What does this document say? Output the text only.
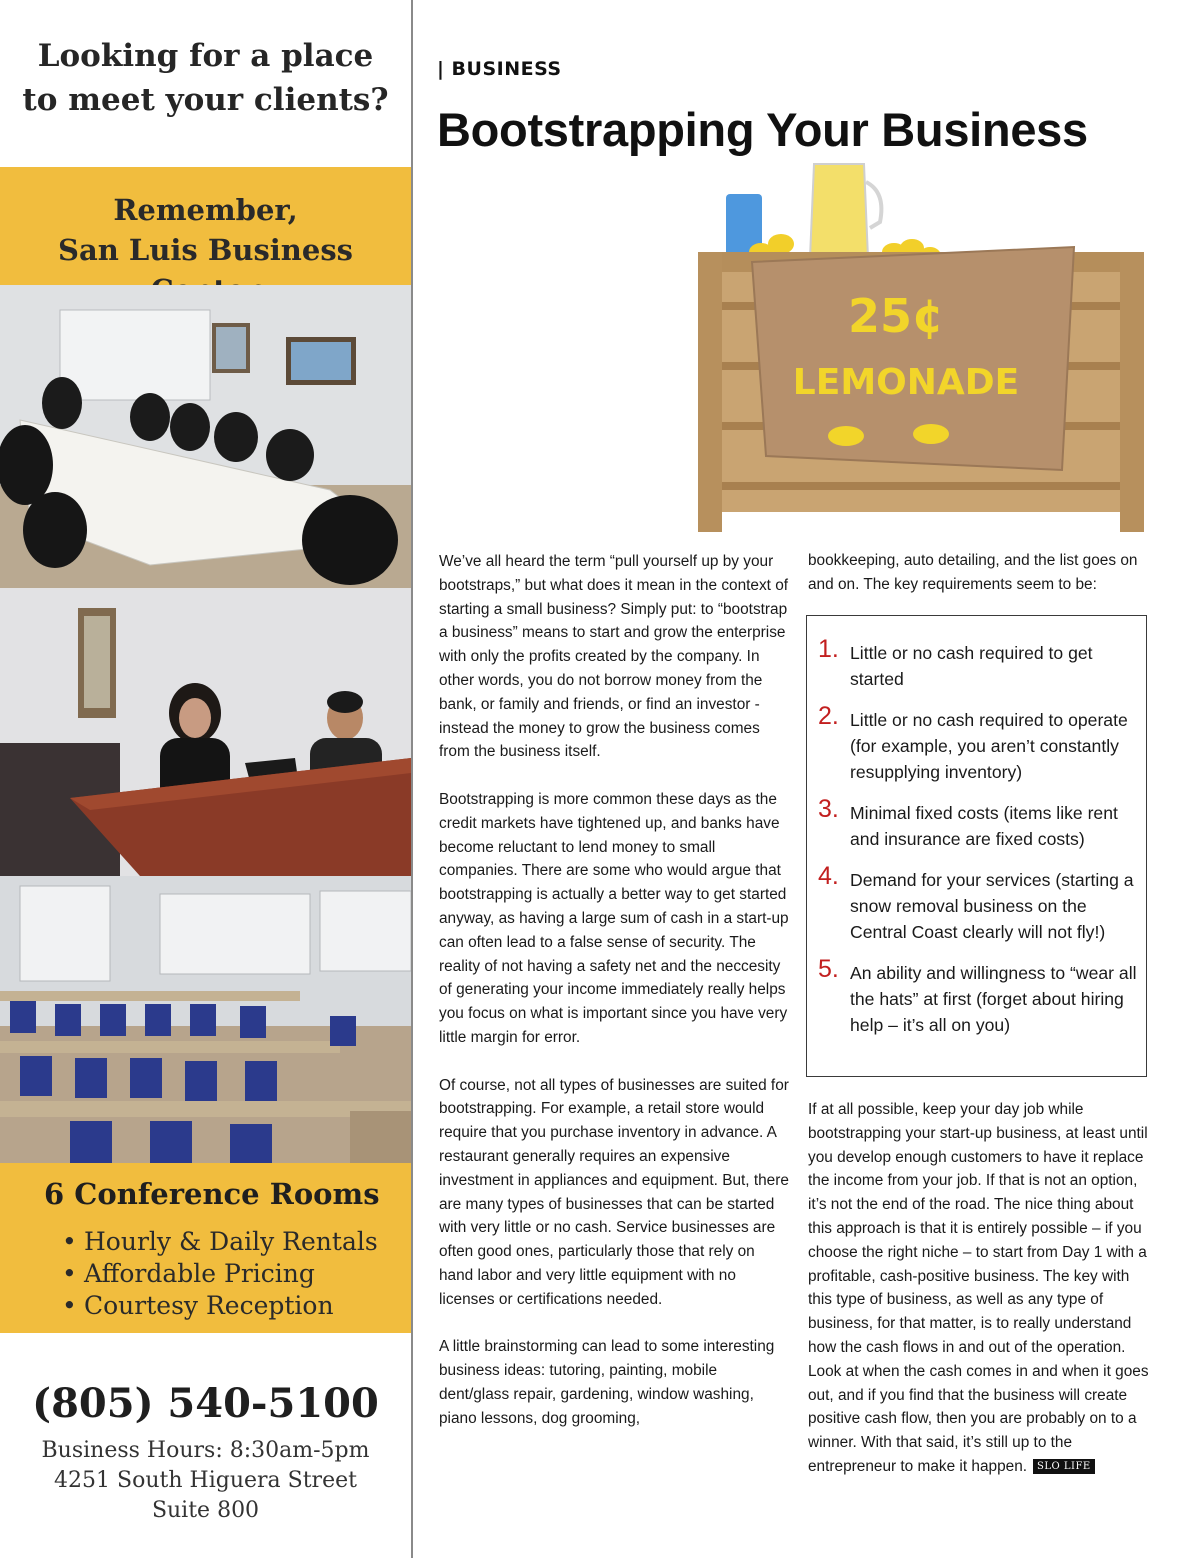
Looking for a place
to meet your clients?
Remember,
San Luis Business
6 Conference Rooms
• Hourly & Daily Rentals
• Affordable Pricing
• Courtesy Reception
(805) 540-5100
Business Hours: 8:30am-5pm
4251 South Higuera Street
Suite 800
| BUSINESS
Bootstrapping Your Business
25¢
LEMONADE

We’ve all heard the term “pull yourself up by your bootstraps,” but what does it mean in the context of starting a small business? Simply put: to “bootstrap a business” means to start and grow the enterprise with only the profits created by the company. In other words, you do not borrow money from the bank, or family and friends, or find an investor - instead the money to grow the business comes from the business itself.

Bootstrapping is more common these days as the credit markets have tightened up, and banks have become reluctant to lend money to small companies. There are some who would argue that bootstrapping is actually a better way to get started anyway, as having a large sum of cash in a start-up can often lead to a false sense of security. The reality of not having a safety net and the neccesity of generating your income immediately really helps you focus on what is important since you have very little margin for error.

Of course, not all types of businesses are suited for bootstrapping. For example, a retail store would require that you purchase inventory in advance. A restaurant generally requires an expensive investment in appliances and equipment. But, there are many types of businesses that can be started with very little or no cash. Service businesses are often good ones, particularly those that rely on hand labor and very little equipment with no licenses or certifications needed.

A little brainstorming can lead to some interesting business ideas: tutoring, painting, mobile dent/glass repair, gardening, window washing, piano lessons, dog grooming,

bookkeeping, auto detailing, and the list goes on and on. The key requirements seem to be:

1. Little or no cash required to get started
2. Little or no cash required to operate (for example, you aren’t constantly resupplying inventory)
3. Minimal fixed costs (items like rent and insurance are fixed costs)
4. Demand for your services (starting a snow removal business on the Central Coast clearly will not fly!)
5. An ability and willingness to “wear all the hats” at first (forget about hiring help – it’s all on you)

If at all possible, keep your day job while bootstrapping your start-up business, at least until you develop enough customers to have it replace the income from your job. If that is not an option, it’s not the end of the road. The nice thing about this approach is that it is entirely possible – if you choose the right niche – to start from Day 1 with a profitable, cash-positive business. The key with this type of business, as well as any type of business, for that matter, is to really understand how the cash flows in and out of the operation. Look at when the cash comes in and when it goes out, and if you find that the business will create positive cash flow, then you are probably on to a winner. With that said, it’s still up to the entrepreneur to make it happen. SLO LIFE
